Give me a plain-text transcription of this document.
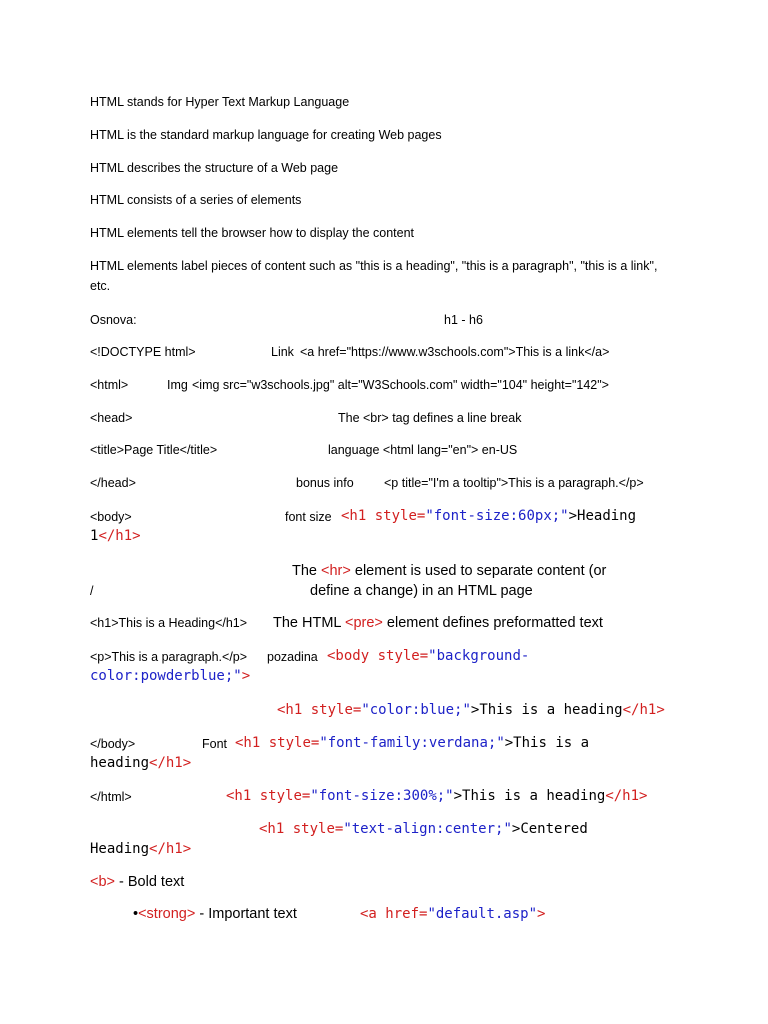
HTML stands for Hyper Text Markup Language
HTML is the standard markup language for creating Web pages
HTML describes the structure of a Web page
HTML consists of a series of elements
HTML elements tell the browser how to display the content
HTML elements label pieces of content such as "this is a heading", "this is a paragraph", "this is a link",
etc.
Osnova:	h1 - h6
<!DOCTYPE html>	Link <a href="https://www.w3schools.com">This is a link</a>
<html>	Img <img src="w3schools.jpg" alt="W3Schools.com" width="104" height="142">
<head>	The <br> tag defines a line break
<title>Page Title</title>	language <html lang="en"> en-US
</head>	bonus info <p title="I'm a tooltip">This is a paragraph.</p>
<body>	font size <h1 style="font-size:60px;">Heading
1</h1>
The <hr> element is used to separate content (or
/	define a change) in an HTML page
<h1>This is a Heading</h1> The HTML <pre> element defines preformatted text
<p>This is a paragraph.</p> pozadina <body style="background-
color:powderblue;">
<h1 style="color:blue;">This is a heading</h1>
</body>	Font <h1 style="font-family:verdana;">This is a
heading</h1>
</html>	<h1 style="font-size:300%;">This is a heading</h1>
<h1 style="text-align:center;">Centered
Heading</h1>
<b> - Bold text
•<strong> - Important text	<a href="default.asp">
